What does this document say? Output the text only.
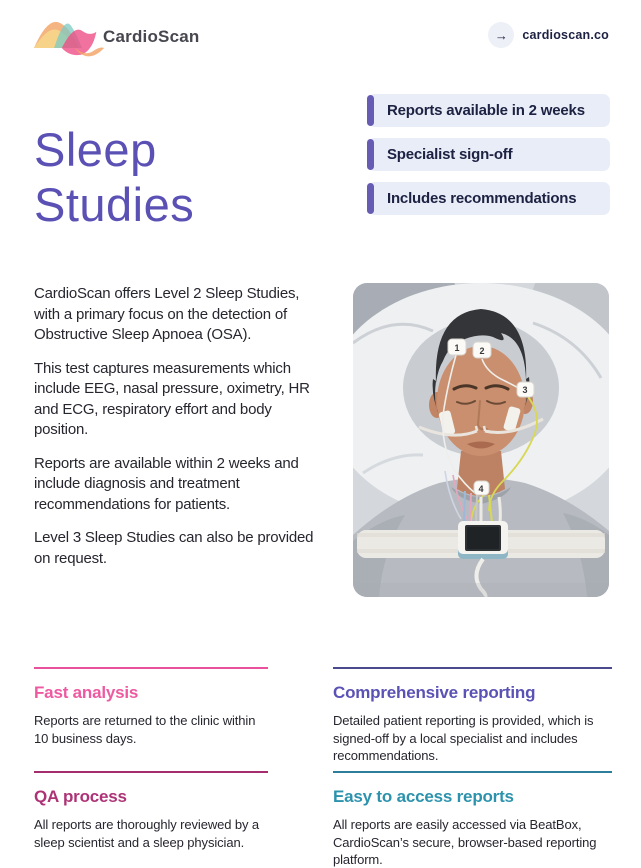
CardioScan	→	cardioscan.co
Sleep
Studies
Reports available in 2 weeks
Specialist sign-off
Includes recommendations

CardioScan offers Level 2 Sleep Studies, with a primary focus on the detection of Obstructive Sleep Apnoea (OSA).

This test captures measurements which include EEG, nasal pressure, oximetry, HR and ECG, respiratory effort and body position.

Reports are available within 2 weeks and include diagnosis and treatment recommendations for patients.

Level 3 Sleep Studies can also be provided on request.

1 2
3
4
Fast analysis

Reports are returned to the clinic within 10 business days.

Comprehensive reporting

Detailed patient reporting is provided, which is signed-off by a local specialist and includes recommendations.

QA process

All reports are thoroughly reviewed by a sleep scientist and a sleep physician.

Easy to access reports

All reports are easily accessed via BeatBox, CardioScan’s secure, browser-based reporting platform.
